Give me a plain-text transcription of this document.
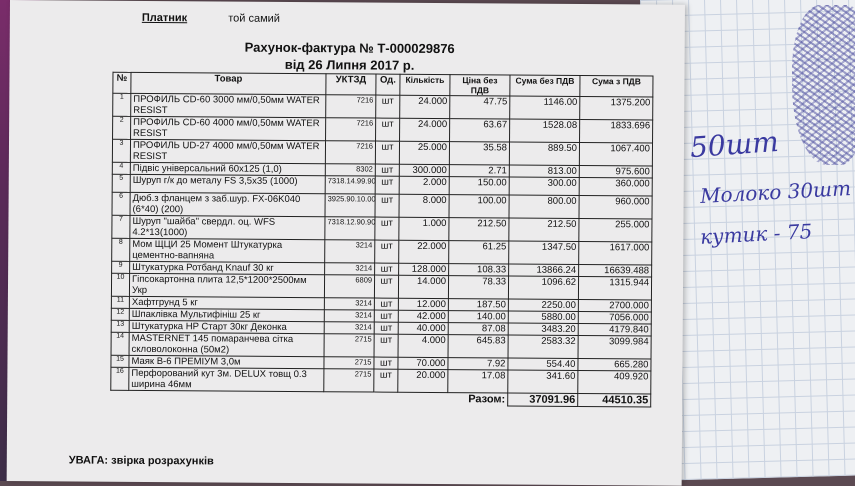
50шт
Молоко 30шт
кутик - 75
Платник	той самий
Рахунок-фактура № Т-000029876
від 26 Липня 2017 р.
№	Товар	УКТЗД	Од.	Кількість	Ціна без ПДВ	Сума без ПДВ	Сума з ПДВ
1	ПРОФИЛЬ CD-60 3000 мм/0,50мм WATER RESIST	7216	шт	24.000	47.75	1146.00	1375.200
2	ПРОФИЛЬ CD-60 4000 мм/0,50мм WATER RESIST	7216	шт	24.000	63.67	1528.08	1833.696
3	ПРОФИЛЬ UD-27 4000 мм/0,50мм WATER RESIST	7216	шт	25.000	35.58	889.50	1067.400
4	Підвіс універсальний 60х125 (1,0)	8302	шт	300.000	2.71	813.00	975.600
5	Шуруп г/к до металу FS 3,5х35 (1000)	7318.14.99.90	шт	2.000	150.00	300.00	360.000
6	Дюб.з фланцем з заб.шур. FX-06K040 (6*40) (200)	3925.90.10.00	шт	8.000	100.00	800.00	960.000
7	Шуруп "шайба" свердл. оц. WFS 4.2*13(1000)	7318.12.90.90	шт	1.000	212.50	212.50	255.000
8	Мом ЩЦИ 25 Момент Штукатурка цементно-вапняна	3214	шт	22.000	61.25	1347.50	1617.000
9	Штукатурка Ротбанд Knauf 30 кг	3214	шт	128.000	108.33	13866.24	16639.488
10	Гіпсокартонна плита 12,5*1200*2500мм Укр	6809	шт	14.000	78.33	1096.62	1315.944
11	Хафтгрунд 5 кг	3214	шт	12.000	187.50	2250.00	2700.000
12	Шпаклівка Мультифініш 25 кг	3214	шт	42.000	140.00	5880.00	7056.000
13	Штукатурка HP Старт 30кг Деконка	3214	шт	40.000	87.08	3483.20	4179.840
14	MASTERNET 145 помаранчева сітка скловолоконна (50м2)	2715	шт	4.000	645.83	2583.32	3099.984
15	Маяк В-6 ПРЕМІУМ 3,0м	2715	шт	70.000	7.92	554.40	665.280
16	Перфорований кут 3м. DELUX товщ 0.3 ширина 46мм	2715	шт	20.000	17.08	341.60	409.920
Разом:						37091.96	44510.35
УВАГА: звірка розрахунків
